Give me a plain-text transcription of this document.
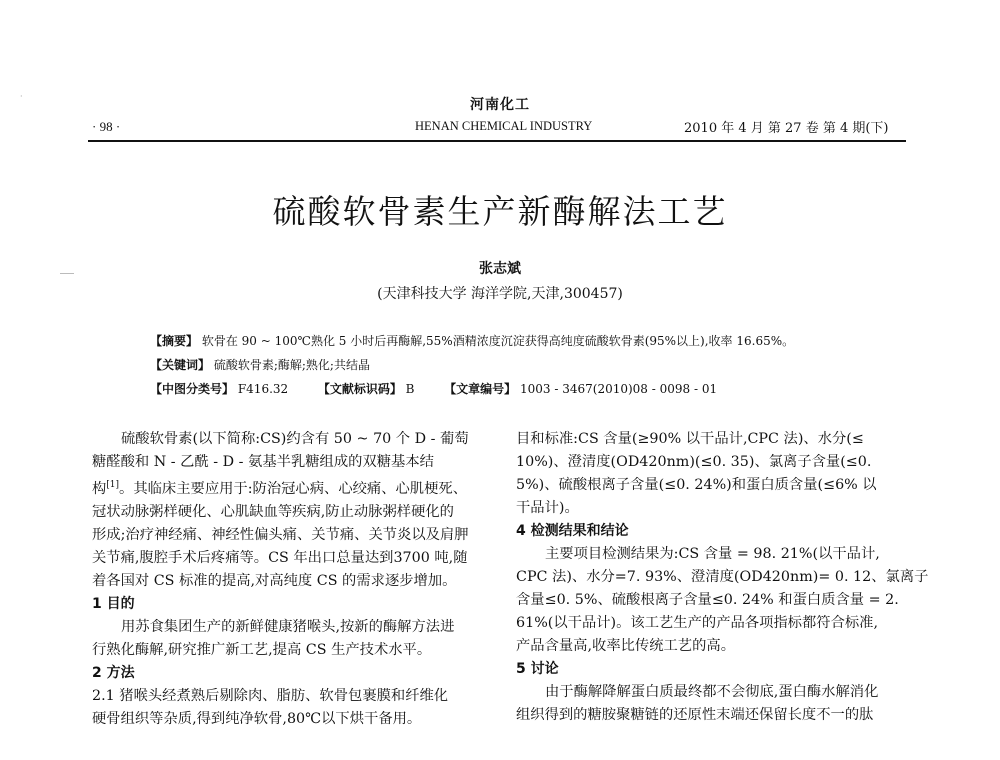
河南化工
· 98 ·	HENAN CHEMICAL INDUSTRY	2010 年 4 月 第 27 卷 第 4 期(下)
硫酸软骨素生产新酶解法工艺
张志斌
(天津科技大学 海洋学院,天津,300457)
【摘要】 软骨在 90 ~ 100℃熟化 5 小时后再酶解,55%酒精浓度沉淀获得高纯度硫酸软骨素(95%以上),收率 16.65%。
【关键词】 硫酸软骨素;酶解;熟化;共结晶
【中图分类号】 F416.32 【文献标识码】 B 【文章编号】 1003 - 3467(2010)08 - 0098 - 01
硫酸软骨素(以下简称:CS)约含有 50 ~ 70 个 D - 葡萄
糖醛酸和 N - 乙酰 - D - 氨基半乳糖组成的双糖基本结
构[1]。其临床主要应用于:防治冠心病、心绞痛、心肌梗死、
冠状动脉粥样硬化、心肌缺血等疾病,防止动脉粥样硬化的
形成;治疗神经痛、神经性偏头痛、关节痛、关节炎以及肩胛
关节痛,腹腔手术后疼痛等。CS 年出口总量达到3700 吨,随
着各国对 CS 标准的提高,对高纯度 CS 的需求逐步增加。
1 目的
用苏食集团生产的新鲜健康猪喉头,按新的酶解方法进
行熟化酶解,研究推广新工艺,提高 CS 生产技术水平。
2 方法
2.1 猪喉头经煮熟后剔除肉、脂肪、软骨包裹膜和纤维化
硬骨组织等杂质,得到纯净软骨,80℃以下烘干备用。
目和标准:CS 含量(≥90% 以干品计,CPC 法)、水分(≤
10%)、澄清度(OD420nm)(≤0. 35)、氯离子含量(≤0.
5%)、硫酸根离子含量(≤0. 24%)和蛋白质含量(≤6% 以
干品计)。
4 检测结果和结论
主要项目检测结果为:CS 含量 = 98. 21%(以干品计,
CPC 法)、水分=7. 93%、澄清度(OD420nm)= 0. 12、氯离子
含量≤0. 5%、硫酸根离子含量≤0. 24% 和蛋白质含量 = 2.
61%(以干品计)。该工艺生产的产品各项指标都符合标准,
产品含量高,收率比传统工艺的高。
5 讨论
由于酶解降解蛋白质最终都不会彻底,蛋白酶水解消化
组织得到的糖胺聚糖链的还原性末端还保留长度不一的肽
·
